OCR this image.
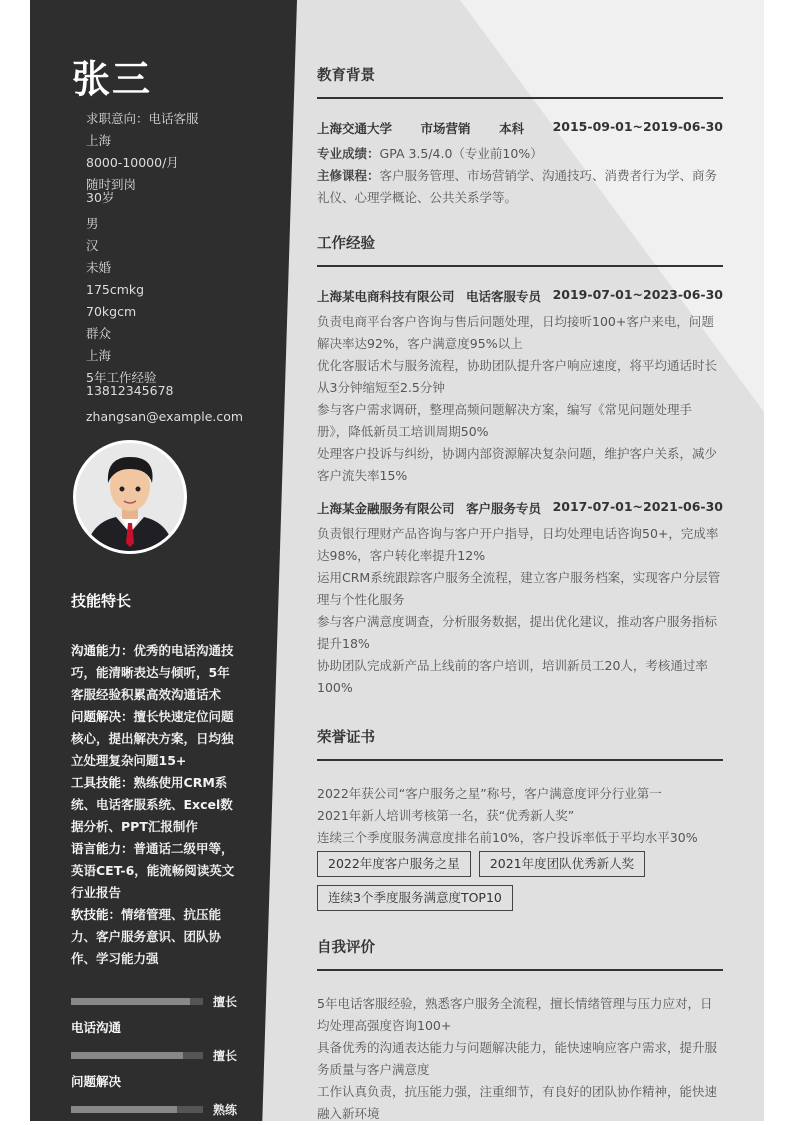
张三
求职意向：电话客服
上海
8000-10000/月
随时到岗
30岁
男
汉
未婚
175cmkg
70kgcm
群众
上海
5年工作经验
13812345678
zhangsan@example.com
技能特长
沟通能力：优秀的电话沟通技巧，能清晰表达与倾听，5年客服经验积累高效沟通话术
问题解决：擅长快速定位问题核心，提出解决方案，日均独立处理复杂问题15+
工具技能：熟练使用CRM系统、电话客服系统、Excel数据分析、PPT汇报制作
语言能力：普通话二级甲等，英语CET-6，能流畅阅读英文行业报告
软技能：情绪管理、抗压能力、客户服务意识、团队协作、学习能力强
擅长
电话沟通
擅长
问题解决
熟练
教育背景
上海交通大学 市场营销 本科 2015-09-01~2019-06-30
专业成绩：GPA 3.5/4.0（专业前10%）
主修课程：客户服务管理、市场营销学、沟通技巧、消费者行为学、商务礼仪、心理学概论、公共关系学等。
工作经验
上海某电商科技有限公司 电话客服专员 2019-07-01~2023-06-30
负责电商平台客户咨询与售后问题处理，日均接听100+客户来电，问题解决率达92%，客户满意度95%以上
优化客服话术与服务流程，协助团队提升客户响应速度，将平均通话时长从3分钟缩短至2.5分钟
参与客户需求调研，整理高频问题解决方案，编写《常见问题处理手册》，降低新员工培训周期50%
处理客户投诉与纠纷，协调内部资源解决复杂问题，维护客户关系，减少客户流失率15%
上海某金融服务有限公司 客户服务专员 2017-07-01~2021-06-30
负责银行理财产品咨询与客户开户指导，日均处理电话咨询50+，完成率达98%，客户转化率提升12%
运用CRM系统跟踪客户服务全流程，建立客户服务档案，实现客户分层管理与个性化服务
参与客户满意度调查，分析服务数据，提出优化建议，推动客户服务指标提升18%
协助团队完成新产品上线前的客户培训，培训新员工20人，考核通过率100%
荣誉证书
2022年获公司“客户服务之星”称号，客户满意度评分行业第一
2021年新人培训考核第一名，获“优秀新人奖”
连续三个季度服务满意度排名前10%，客户投诉率低于平均水平30%
2022年度客户服务之星	2021年度团队优秀新人奖
连续3个季度服务满意度TOP10
自我评价
5年电话客服经验，熟悉客户服务全流程，擅长情绪管理与压力应对，日均处理高强度咨询100+
具备优秀的沟通表达能力与问题解决能力，能快速响应客户需求，提升服务质量与客户满意度
工作认真负责，抗压能力强，注重细节，有良好的团队协作精神，能快速融入新环境
